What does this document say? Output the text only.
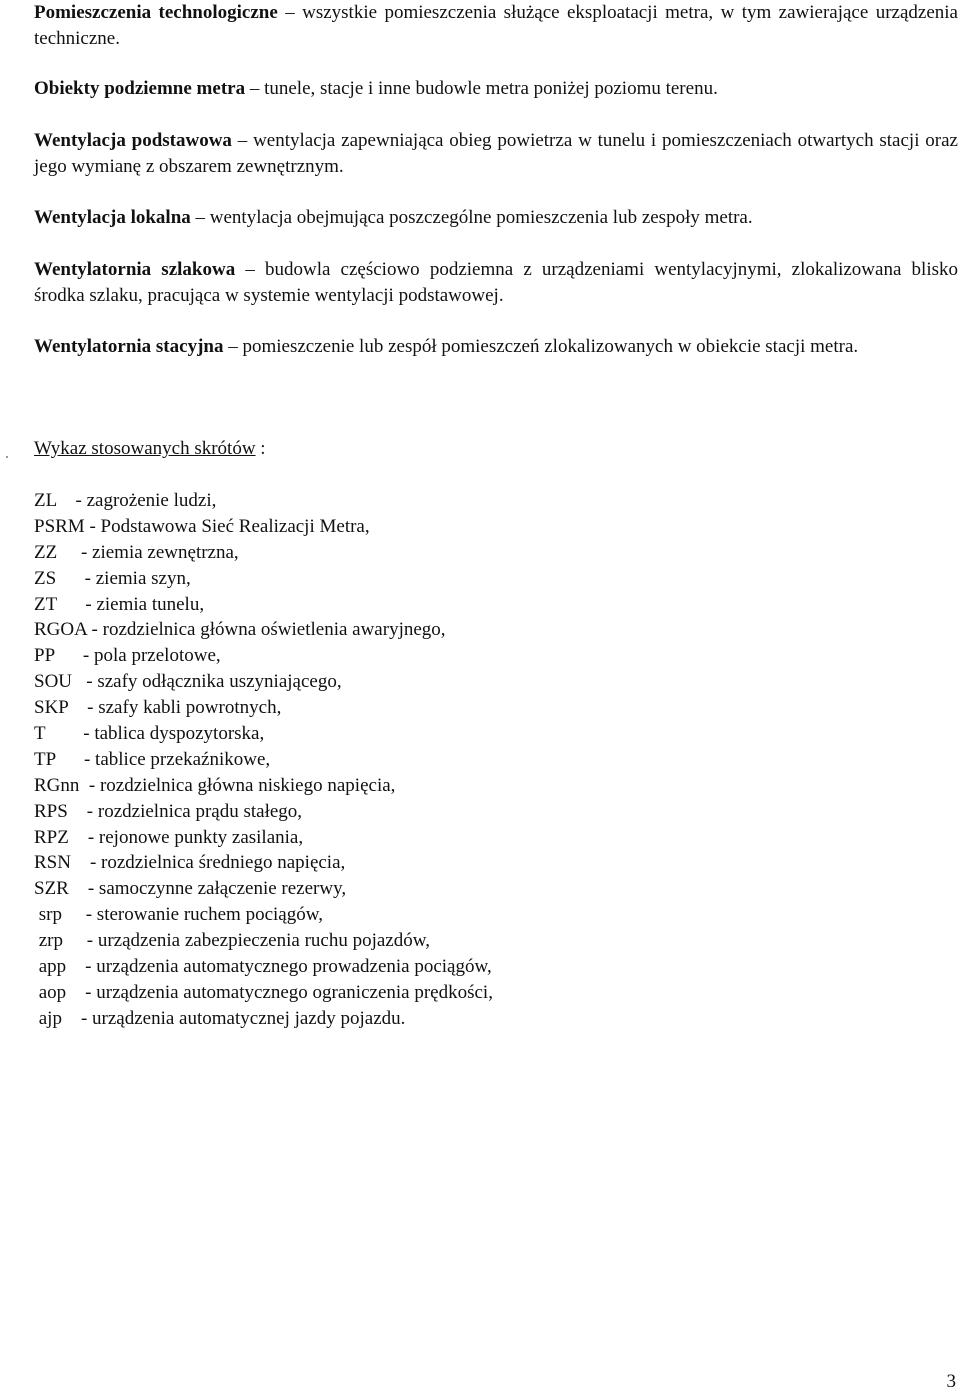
Pomieszczenia technologiczne – wszystkie pomieszczenia służące eksploatacji metra, w tym zawierające urządzenia techniczne.

Obiekty podziemne metra – tunele, stacje i inne budowle metra poniżej poziomu terenu.

Wentylacja podstawowa – wentylacja zapewniająca obieg powietrza w tunelu i pomieszczeniach otwartych stacji oraz jego wymianę z obszarem zewnętrznym.

Wentylacja lokalna – wentylacja obejmująca poszczególne pomieszczenia lub zespoły metra.

Wentylatornia szlakowa – budowla częściowo podziemna z urządzeniami wentylacyjnymi, zlokalizowana blisko środka szlaku, pracująca w systemie wentylacji podstawowej.

Wentylatornia stacyjna – pomieszczenie lub zespół pomieszczeń zlokalizowanych w obiekcie stacji metra.

Wykaz stosowanych skrótów :

ZL    - zagrożenie ludzi,
PSRM - Podstawowa Sieć Realizacji Metra,
ZZ     - ziemia zewnętrzna,
ZS      - ziemia szyn,
ZT      - ziemia tunelu,
RGOA - rozdzielnica główna oświetlenia awaryjnego,
PP      - pola przelotowe,
SOU   - szafy odłącznika uszyniającego,
SKP    - szafy kabli powrotnych,
T        - tablica dyspozytorska,
TP      - tablice przekaźnikowe,
RGnn  - rozdzielnica główna niskiego napięcia,
RPS    - rozdzielnica prądu stałego,
RPZ    - rejonowe punkty zasilania,
RSN    - rozdzielnica średniego napięcia,
SZR    - samoczynne załączenie rezerwy,
srp     - sterowanie ruchem pociągów,
zrp     - urządzenia zabezpieczenia ruchu pojazdów,
app    - urządzenia automatycznego prowadzenia pociągów,
aop    - urządzenia automatycznego ograniczenia prędkości,
ajp    - urządzenia automatycznej jazdy pojazdu.
3
